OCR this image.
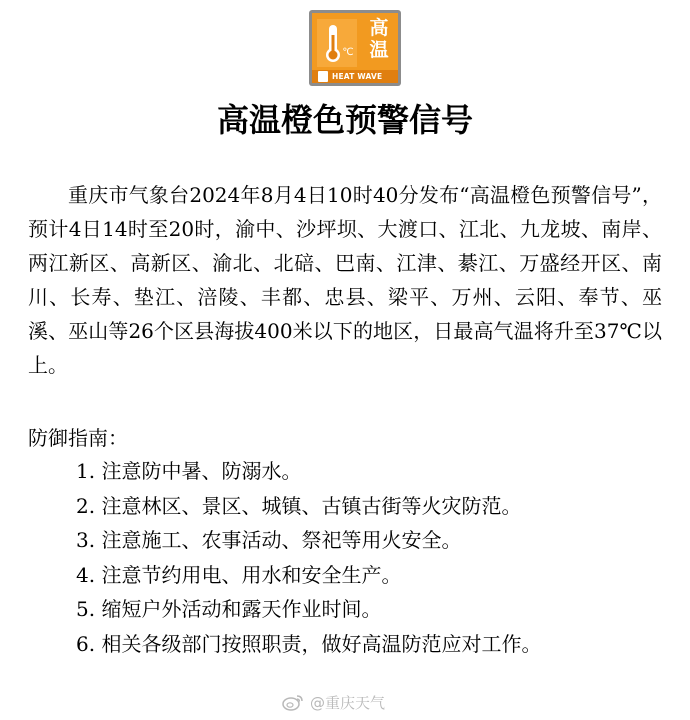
℃
高
温
HEAT WAVE
高温橙色预警信号
重庆市气象台2024年8月4日10时40分发布“高温橙色预警信号”，预计4日14时至20时，渝中、沙坪坝、大渡口、江北、九龙坡、南岸、两江新区、高新区、渝北、北碚、巴南、江津、綦江、万盛经开区、南川、长寿、垫江、涪陵、丰都、忠县、梁平、万州、云阳、奉节、巫溪、巫山等26个区县海拔400米以下的地区，日最高气温将升至37℃以上。
防御指南：
1. 注意防中暑、防溺水。
2. 注意林区、景区、城镇、古镇古街等火灾防范。
3. 注意施工、农事活动、祭祀等用火安全。
4. 注意节约用电、用水和安全生产。
5. 缩短户外活动和露天作业时间。
6. 相关各级部门按照职责，做好高温防范应对工作。
@重庆天气
